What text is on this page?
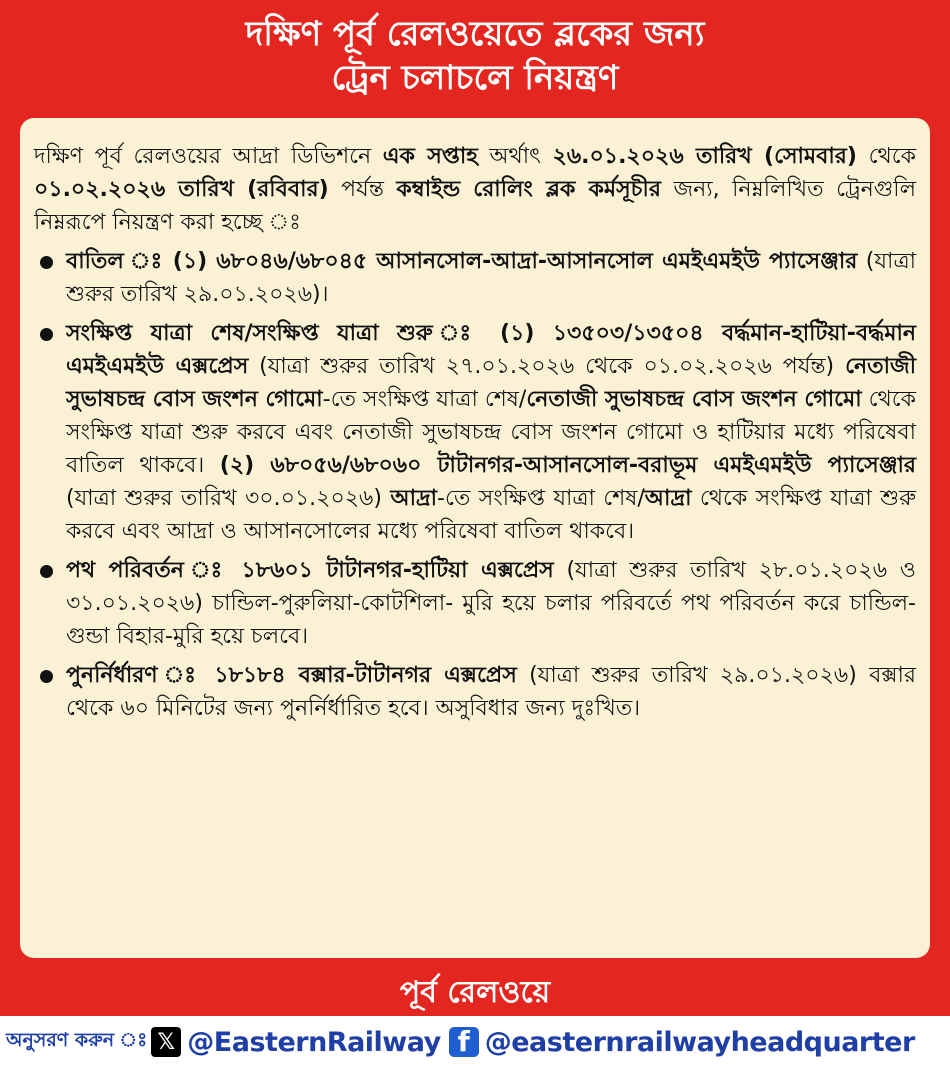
দক্ষিণ পূর্ব রেলওয়েতে ব্লকের জন্য
ট্রেন চলাচলে নিয়ন্ত্রণ

দক্ষিণ পূর্ব রেলওয়ের আদ্রা ডিভিশনে এক সপ্তাহ অর্থাৎ ২৬.০১.২০২৬ তারিখ (সোমবার) থেকে ০১.০২.২০২৬ তারিখ (রবিবার) পর্যন্ত কম্বাইন্ড রোলিং ব্লক কর্মসূচীর জন্য, নিম্নলিখিত ট্রেনগুলি নিম্নরূপে নিয়ন্ত্রণ করা হচ্ছে ঃ

বাতিল ঃ (১) ৬৮০৪৬/৬৮০৪৫ আসানসোল-আদ্রা-আসানসোল এমইএমইউ প্যাসেঞ্জার (যাত্রা শুরুর তারিখ ২৯.০১.২০২৬)।
সংক্ষিপ্ত যাত্রা শেষ/সংক্ষিপ্ত যাত্রা শুরু ঃ (১) ১৩৫০৩/১৩৫০৪ বর্দ্ধমান-হাটিয়া-বর্দ্ধমান এমইএমইউ এক্সপ্রেস (যাত্রা শুরুর তারিখ ২৭.০১.২০২৬ থেকে ০১.০২.২০২৬ পর্যন্ত) নেতাজী সুভাষচন্দ্র বোস জংশন গোমো-তে সংক্ষিপ্ত যাত্রা শেষ/নেতাজী সুভাষচন্দ্র বোস জংশন গোমো থেকে সংক্ষিপ্ত যাত্রা শুরু করবে এবং নেতাজী সুভাষচন্দ্র বোস জংশন গোমো ও হাটিয়ার মধ্যে পরিষেবা বাতিল থাকবে। (২) ৬৮০৫৬/৬৮০৬০ টাটানগর-আসানসোল-বরাভূম এমইএমইউ প্যাসেঞ্জার (যাত্রা শুরুর তারিখ ৩০.০১.২০২৬) আদ্রা-তে সংক্ষিপ্ত যাত্রা শেষ/আদ্রা থেকে সংক্ষিপ্ত যাত্রা শুরু করবে এবং আদ্রা ও আসানসোলের মধ্যে পরিষেবা বাতিল থাকবে।
পথ পরিবর্তন ঃ ১৮৬০১ টাটানগর-হাটিয়া এক্সপ্রেস (যাত্রা শুরুর তারিখ ২৮.০১.২০২৬ ও ৩১.০১.২০২৬) চান্ডিল-পুরুলিয়া-কোটশিলা- মুরি হয়ে চলার পরিবর্তে পথ পরিবর্তন করে চান্ডিল-গুন্ডা বিহার-মুরি হয়ে চলবে।
পুনর্নির্ধারণ ঃ ১৮১৮৪ বক্সার-টাটানগর এক্সপ্রেস (যাত্রা শুরুর তারিখ ২৯.০১.২০২৬) বক্সার থেকে ৬০ মিনিটের জন্য পুনর্নির্ধারিত হবে। অসুবিধার জন্য দুঃখিত।
পূর্ব রেলওয়ে
অনুসরণ করুন ঃ 𝕏 @EasternRailway f @easternrailwayheadquarter
